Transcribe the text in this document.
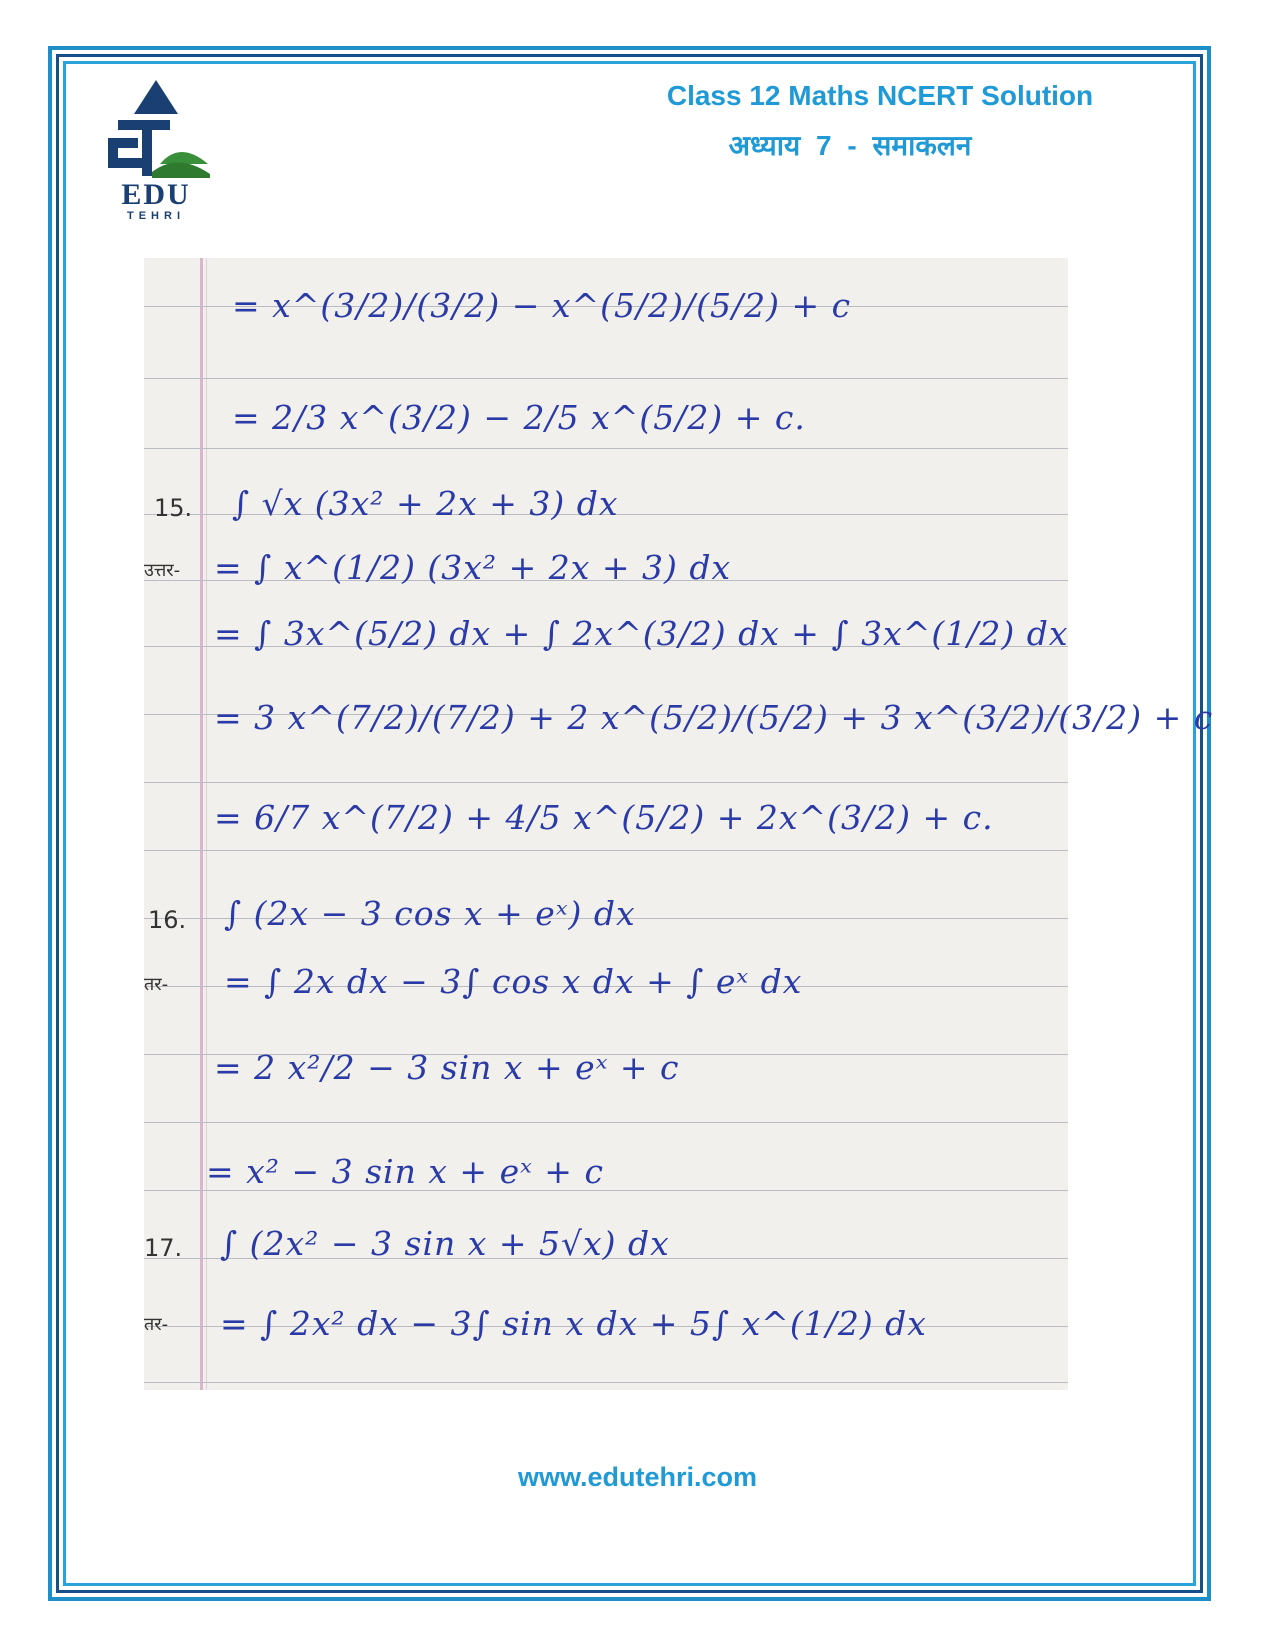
EDU
TEHRI
Class 12 Maths NCERT Solution
अध्याय 7 - समाकलन
= x^(3/2)/(3/2) − x^(5/2)/(5/2) + c
= 2/3 x^(3/2) − 2/5 x^(5/2) + c.
15. ∫ √x (3x² + 2x + 3) dx
उत्तर- = ∫ x^(1/2) (3x² + 2x + 3) dx
= ∫ 3x^(5/2) dx + ∫ 2x^(3/2) dx + ∫ 3x^(1/2) dx
= 3 x^(7/2)/(7/2) + 2 x^(5/2)/(5/2) + 3 x^(3/2)/(3/2) + c
= 6/7 x^(7/2) + 4/5 x^(5/2) + 2x^(3/2) + c.
16. ∫ (2x − 3 cos x + eˣ) dx
तर- = ∫ 2x dx − 3∫ cos x dx + ∫ eˣ dx
= 2 x²/2 − 3 sin x + eˣ + c
= x² − 3 sin x + eˣ + c
17. ∫ (2x² − 3 sin x + 5√x) dx
तर- = ∫ 2x² dx − 3∫ sin x dx + 5∫ x^(1/2) dx
www.edutehri.com
